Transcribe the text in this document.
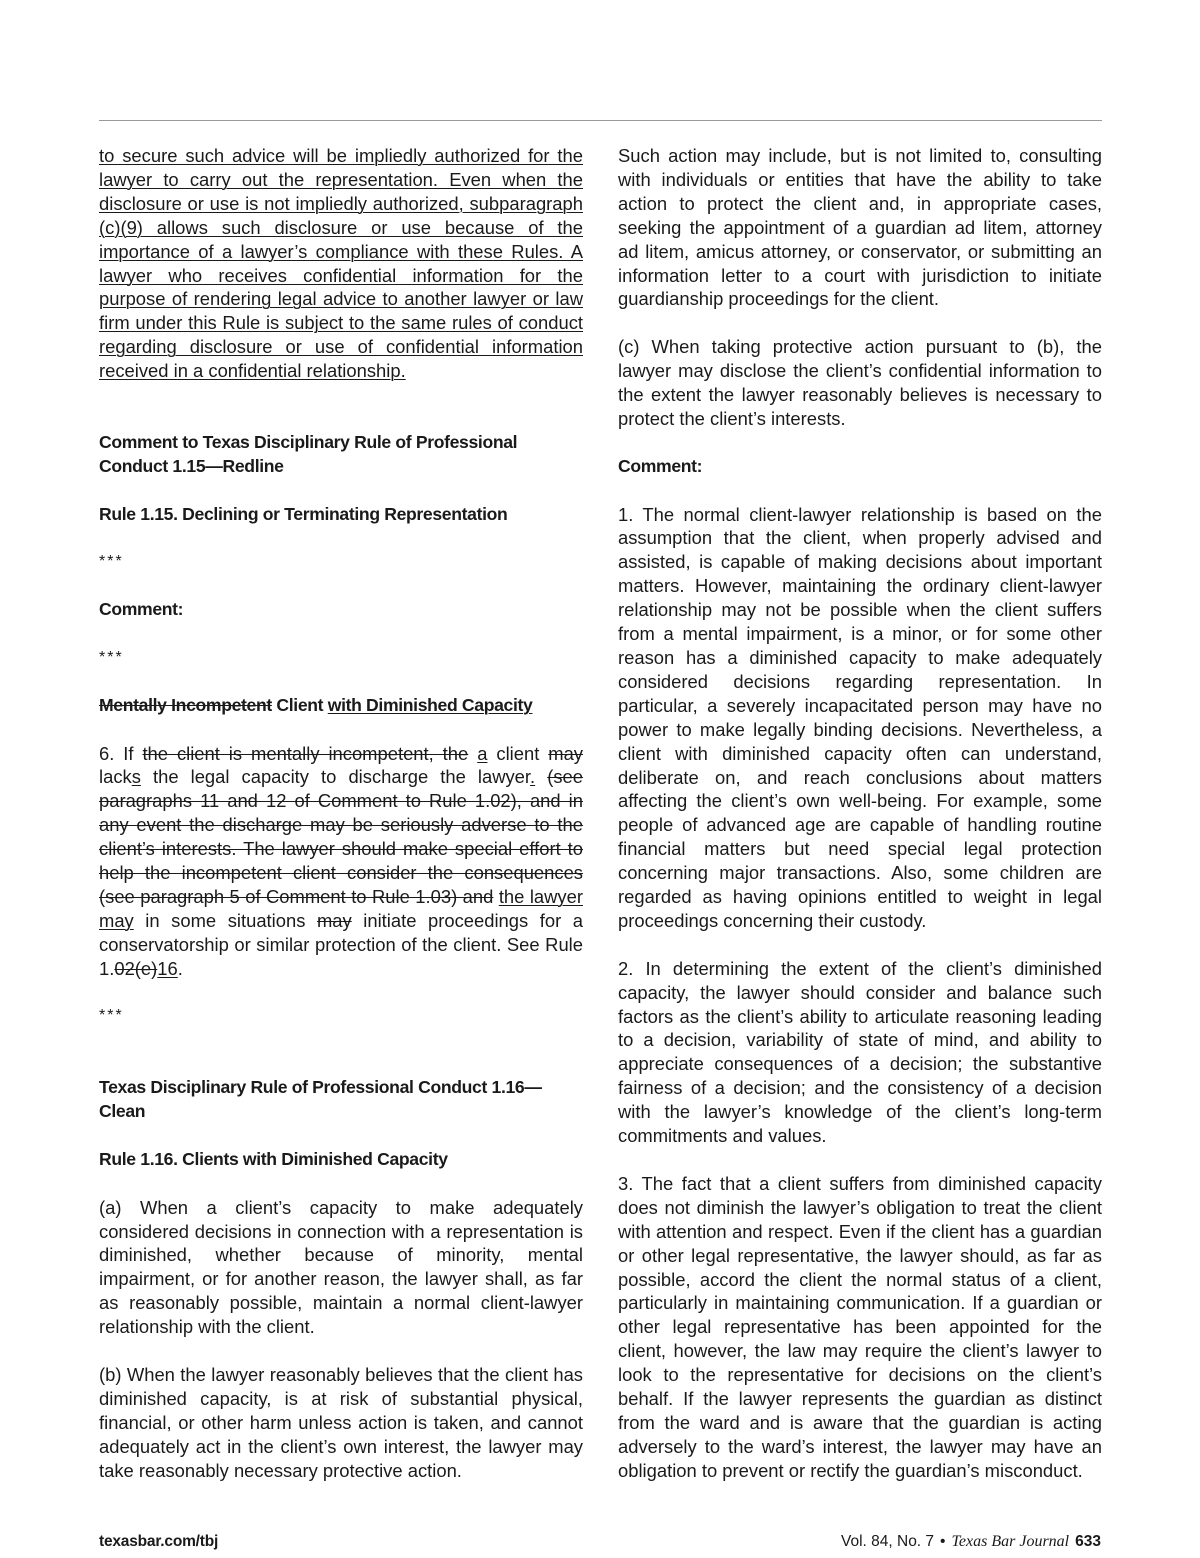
to secure such advice will be impliedly authorized for the lawyer to carry out the representation. Even when the disclosure or use is not impliedly authorized, subparagraph (c)(9) allows such disclosure or use because of the importance of a lawyer’s compliance with these Rules. A lawyer who receives confidential information for the purpose of rendering legal advice to another lawyer or law firm under this Rule is subject to the same rules of conduct regarding disclosure or use of confidential information received in a confidential relationship.

Comment to Texas Disciplinary Rule of Professional Conduct 1.15—Redline
Rule 1.15. Declining or Terminating Representation
***
Comment:
***
Mentally Incompetent Client with Diminished Capacity

6. If the client is mentally incompetent, the a client may lacks the legal capacity to discharge the lawyer. (see paragraphs 11 and 12 of Comment to Rule 1.02), and in any event the discharge may be seriously adverse to the client’s interests. The lawyer should make special effort to help the incompetent client consider the consequences (see paragraph 5 of Comment to Rule 1.03) and the lawyer may in some situations may initiate proceedings for a conservatorship or similar protection of the client. See Rule 1.02(e)16.

***
Texas Disciplinary Rule of Professional Conduct 1.16—Clean
Rule 1.16. Clients with Diminished Capacity

(a) When a client’s capacity to make adequately considered decisions in connection with a representation is diminished, whether because of minority, mental impairment, or for another reason, the lawyer shall, as far as reasonably possible, maintain a normal client-lawyer relationship with the client.

(b) When the lawyer reasonably believes that the client has diminished capacity, is at risk of substantial physical, financial, or other harm unless action is taken, and cannot adequately act in the client’s own interest, the lawyer may take reasonably necessary protective action.

Such action may include, but is not limited to, consulting with individuals or entities that have the ability to take action to protect the client and, in appropriate cases, seeking the appointment of a guardian ad litem, attorney ad litem, amicus attorney, or conservator, or submitting an information letter to a court with jurisdiction to initiate guardianship proceedings for the client.

(c) When taking protective action pursuant to (b), the lawyer may disclose the client’s confidential information to the extent the lawyer reasonably believes is necessary to protect the client’s interests.

Comment:

1. The normal client-lawyer relationship is based on the assumption that the client, when properly advised and assisted, is capable of making decisions about important matters. However, maintaining the ordinary client-lawyer relationship may not be possible when the client suffers from a mental impairment, is a minor, or for some other reason has a diminished capacity to make adequately considered decisions regarding representation. In particular, a severely incapacitated person may have no power to make legally binding decisions. Nevertheless, a client with diminished capacity often can understand, deliberate on, and reach conclusions about matters affecting the client’s own well-being. For example, some people of advanced age are capable of handling routine financial matters but need special legal protection concerning major transactions. Also, some children are regarded as having opinions entitled to weight in legal proceedings concerning their custody.

2. In determining the extent of the client’s diminished capacity, the lawyer should consider and balance such factors as the client’s ability to articulate reasoning leading to a decision, variability of state of mind, and ability to appreciate consequences of a decision; the substantive fairness of a decision; and the consistency of a decision with the lawyer’s knowledge of the client’s long-term commitments and values.

3. The fact that a client suffers from diminished capacity does not diminish the lawyer’s obligation to treat the client with attention and respect. Even if the client has a guardian or other legal representative, the lawyer should, as far as possible, accord the client the normal status of a client, particularly in maintaining communication. If a guardian or other legal representative has been appointed for the client, however, the law may require the client’s lawyer to look to the representative for decisions on the client’s behalf. If the lawyer represents the guardian as distinct from the ward and is aware that the guardian is acting adversely to the ward’s interest, the lawyer may have an obligation to prevent or rectify the guardian’s misconduct.

texasbar.com/tbj	Vol. 84, No. 7 • Texas Bar Journal 633
